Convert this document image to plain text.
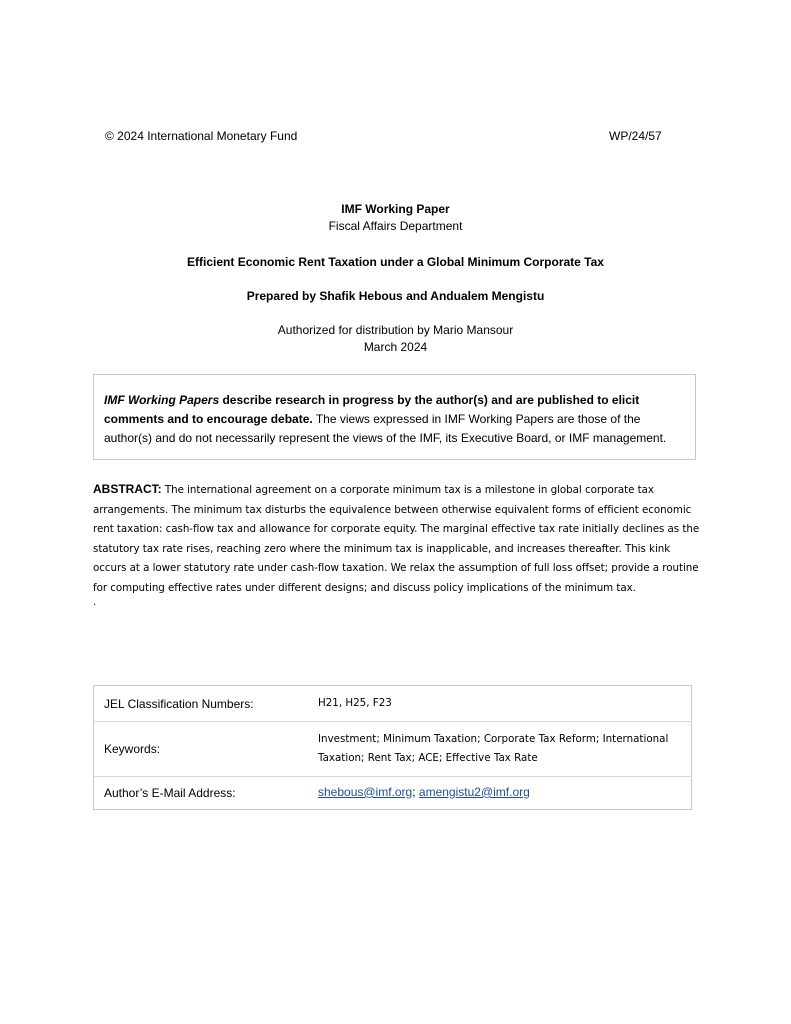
© 2024 International Monetary Fund	WP/24/57
IMF Working Paper
Fiscal Affairs Department
Efficient Economic Rent Taxation under a Global Minimum Corporate Tax
Prepared by Shafik Hebous and Andualem Mengistu
Authorized for distribution by Mario Mansour
March 2024
IMF Working Papers describe research in progress by the author(s) and are published to elicit comments and to encourage debate. The views expressed in IMF Working Papers are those of the author(s) and do not necessarily represent the views of the IMF, its Executive Board, or IMF management.
ABSTRACT: The international agreement on a corporate minimum tax is a milestone in global corporate tax arrangements. The minimum tax disturbs the equivalence between otherwise equivalent forms of efficient economic rent taxation: cash-flow tax and allowance for corporate equity. The marginal effective tax rate initially declines as the statutory tax rate rises, reaching zero where the minimum tax is inapplicable, and increases thereafter. This kink occurs at a lower statutory rate under cash-flow taxation. We relax the assumption of full loss offset; provide a routine for computing effective rates under different designs; and discuss policy implications of the minimum tax.
.
JEL Classification Numbers:	H21, H25, F23
Keywords:	Investment; Minimum Taxation; Corporate Tax Reform; International Taxation; Rent Tax; ACE; Effective Tax Rate
Author’s E-Mail Address:	shebous@imf.org; amengistu2@imf.org
